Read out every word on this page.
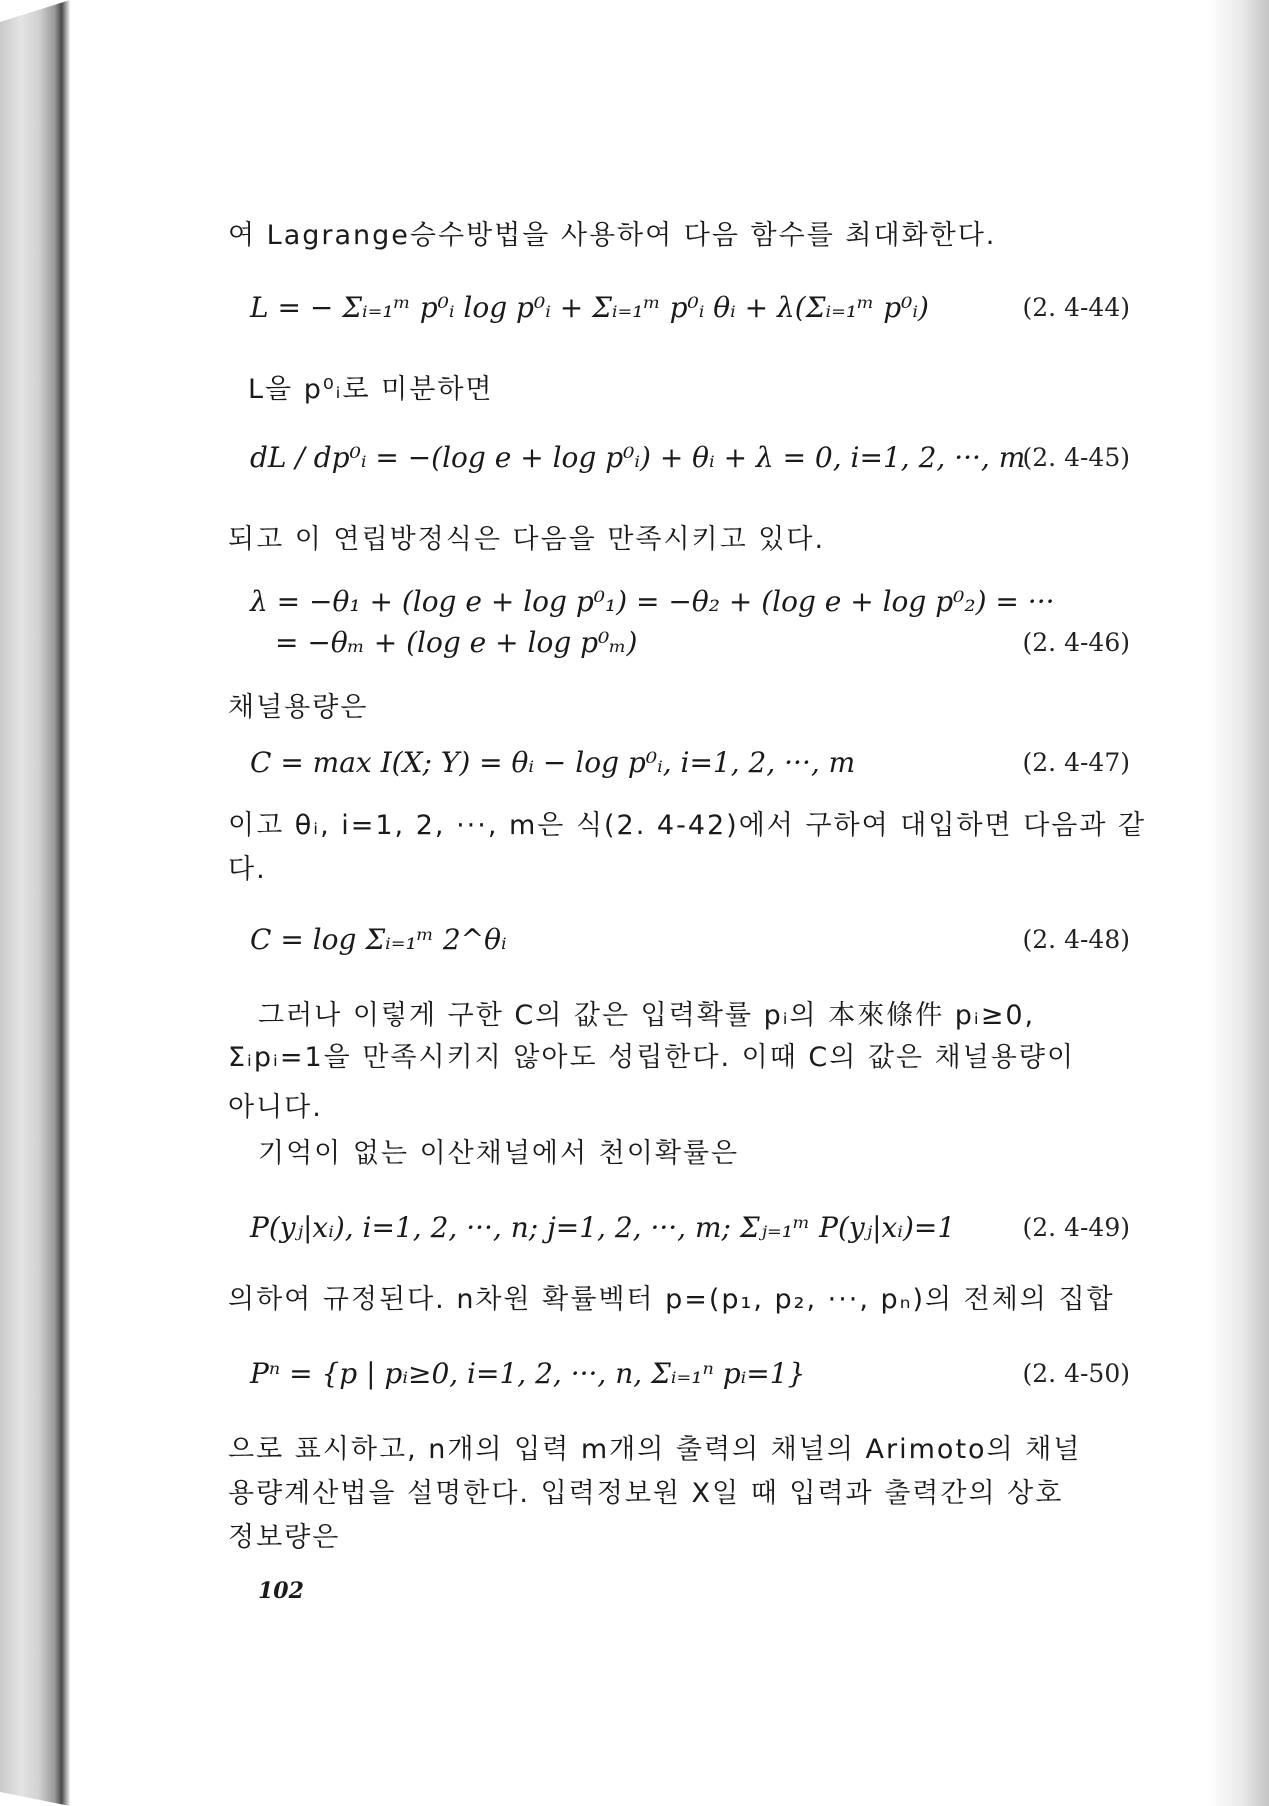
여 Lagrange승수방법을 사용하여 다음 함수를 최대화한다.
L = − Σᵢ₌₁ᵐ p⁰ᵢ log p⁰ᵢ + Σᵢ₌₁ᵐ p⁰ᵢ θᵢ + λ(Σᵢ₌₁ᵐ p⁰ᵢ)	(2. 4-44)
L을 p⁰ᵢ로 미분하면
dL / dp⁰ᵢ = −(log e + log p⁰ᵢ) + θᵢ + λ = 0, i=1, 2, ···, m
(2. 4-45)
되고 이 연립방정식은 다음을 만족시키고 있다.
λ = −θ₁ + (log e + log p⁰₁) = −θ₂ + (log e + log p⁰₂) = ···
= −θₘ + (log e + log p⁰ₘ)	(2. 4-46)
채널용량은
C = max I(X; Y) = θᵢ − log p⁰ᵢ, i=1, 2, ···, m	(2. 4-47)
이고 θᵢ, i=1, 2, ···, m은 식(2. 4-42)에서 구하여 대입하면 다음과 같
다.
C = log Σᵢ₌₁ᵐ 2^θᵢ	(2. 4-48)
그러나 이렇게 구한 C의 값은 입력확률 pᵢ의 本來條件 pᵢ≥0,
Σᵢpᵢ=1을 만족시키지 않아도 성립한다. 이때 C의 값은 채널용량이
아니다.
기억이 없는 이산채널에서 천이확률은
P(yⱼ|xᵢ), i=1, 2, ···, n; j=1, 2, ···, m; Σⱼ₌₁ᵐ P(yⱼ|xᵢ)=1	(2. 4-49)
의하여 규정된다. n차원 확률벡터 p=(p₁, p₂, ···, pₙ)의 전체의 집합
Pⁿ = {p | pᵢ≥0, i=1, 2, ···, n, Σᵢ₌₁ⁿ pᵢ=1}	(2. 4-50)
으로 표시하고, n개의 입력 m개의 출력의 채널의 Arimoto의 채널
용량계산법을 설명한다. 입력정보원 X일 때 입력과 출력간의 상호
정보량은
102
